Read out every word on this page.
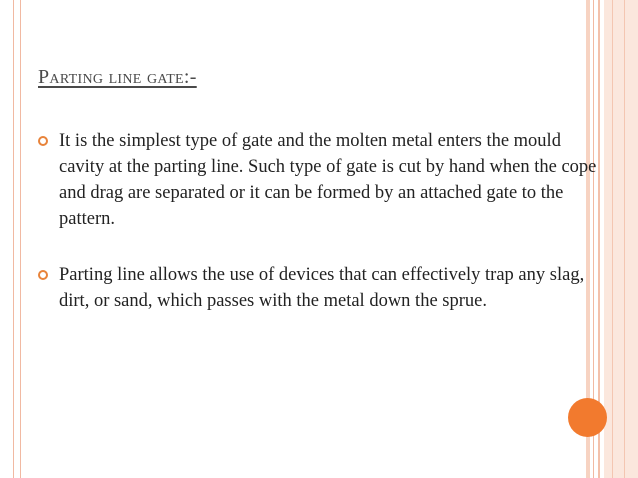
Parting line gate:-
It is the simplest type of gate and the molten metal enters the mould cavity at the parting line. Such type of gate is cut by hand when the cope and drag are separated or it can be formed by an attached gate to the pattern.
Parting line allows the use of devices that can effectively trap any slag, dirt, or sand, which passes with the metal down the sprue.
